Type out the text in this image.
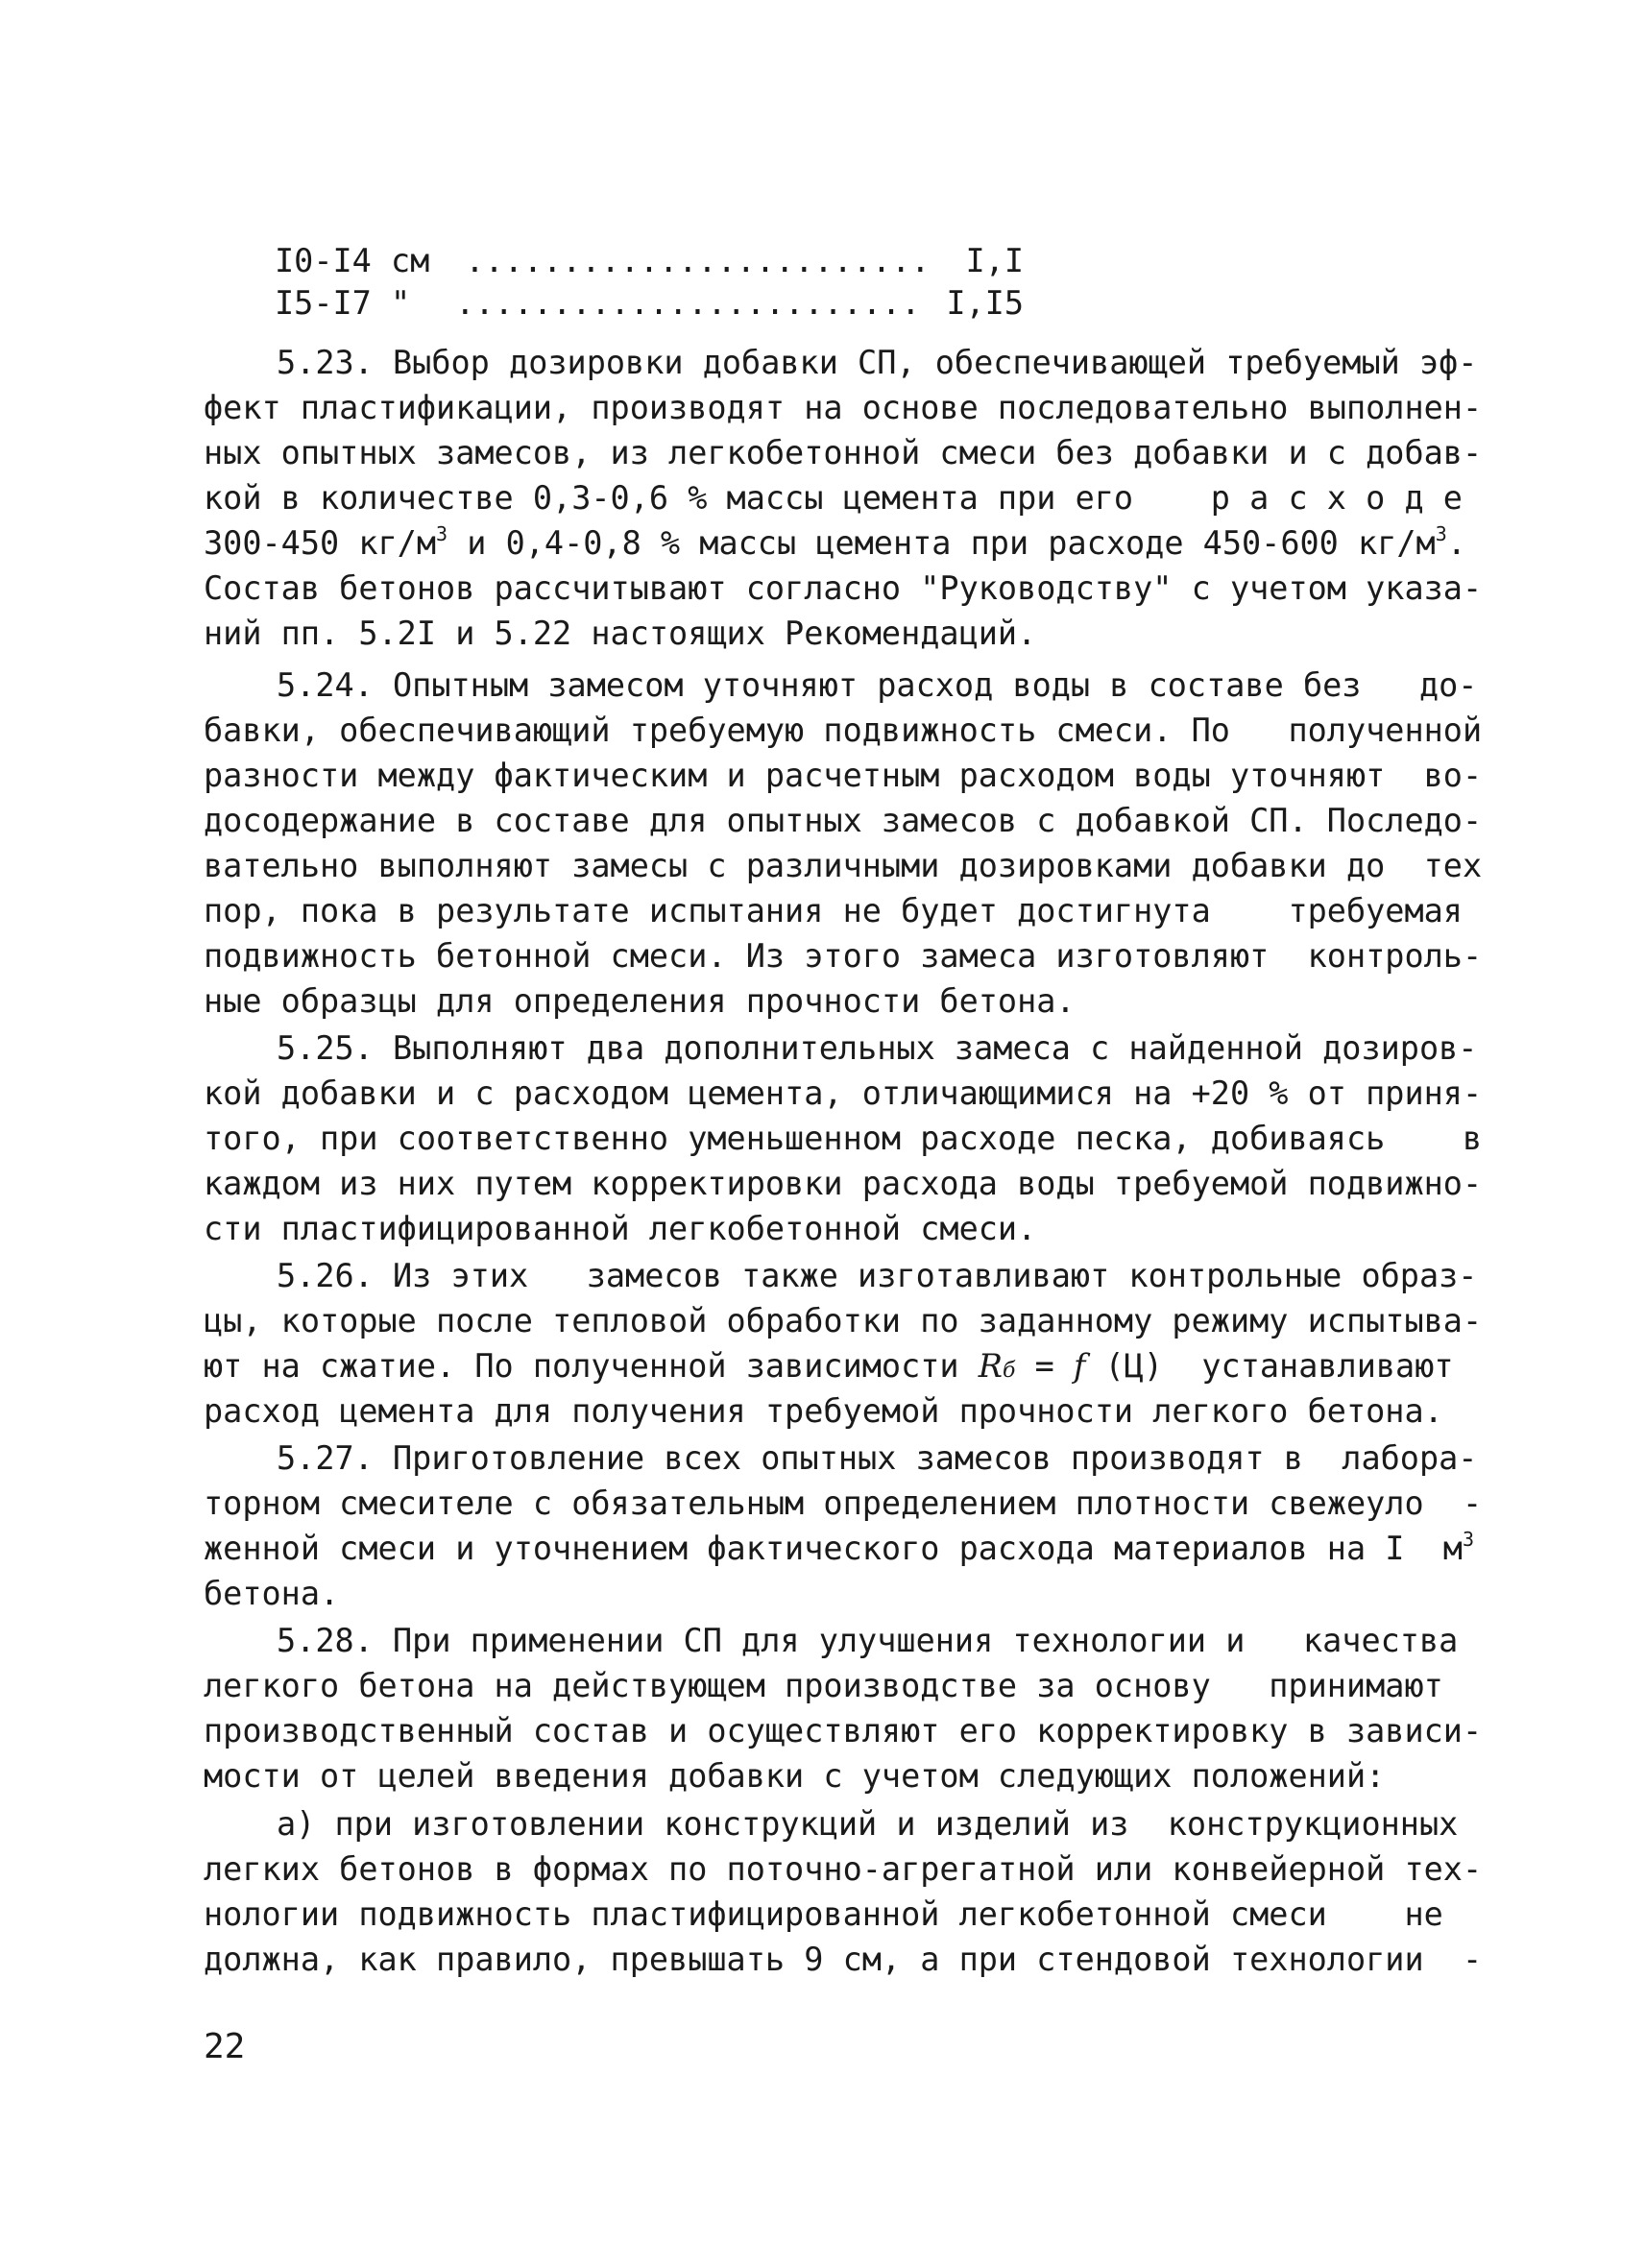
I0-I4 см ........................ I,I
I5-I7 " ........................ I,I5
5.23. Выбор дозировки добавки СП, обеспечивающей требуемый эф-
фект пластификации, производят на основе последовательно выполнен-
ных опытных замесов, из легкобетонной смеси без добавки и с добав-
кой в количестве 0,3-0,6 % массы цемента при его    р а с х о д е
300-450 $кг/м^3$ и 0,4-0,8 % массы цемента при расходе 450-600 $кг/м^3$.
Состав бетонов рассчитывают согласно "Руководству" с учетом указа-
ний пп. 5.2I и 5.22 настоящих Рекомендаций.
5.24. Опытным замесом уточняют расход воды в составе без   до-
бавки, обеспечивающий требуемую подвижность смеси. По   полученной
разности между фактическим и расчетным расходом воды уточняют  во-
досодержание в составе для опытных замесов с добавкой СП. Последо-
вательно выполняют замесы с различными дозировками добавки до  тех
пор, пока в результате испытания не будет достигнута    требуемая
подвижность бетонной смеси. Из этого замеса изготовляют  контроль-
ные образцы для определения прочности бетона.
5.25. Выполняют два дополнительных замеса с найденной дозиров-
кой добавки и с расходом цемента, отличающимися на +20 % от приня-
того, при соответственно уменьшенном расходе песка, добиваясь    в
каждом из них путем корректировки расхода воды требуемой подвижно-
сти пластифицированной легкобетонной смеси.
5.26. Из этих   замесов также изготавливают контрольные образ-
цы, которые после тепловой обработки по заданному режиму испытыва-
ют на сжатие. По полученной зависимости Rб = f (Ц)  устанавливают
расход цемента для получения требуемой прочности легкого бетона.
5.27. Приготовление всех опытных замесов производят в  лабора-
торном смесителе с обязательным определением плотности свежеуло  -
женной смеси и уточнением фактического расхода материалов на I  $м^3$
бетона.
5.28. При применении СП для улучшения технологии и   качества
легкого бетона на действующем производстве за основу   принимают
производственный состав и осуществляют его корректировку в зависи-
мости от целей введения добавки с учетом следующих положений:
а) при изготовлении конструкций и изделий из  конструкционных
легких бетонов в формах по поточно-агрегатной или конвейерной тех-
нологии подвижность пластифицированной легкобетонной смеси    не
должна, как правило, превышать 9 см, а при стендовой технологии  -
22
